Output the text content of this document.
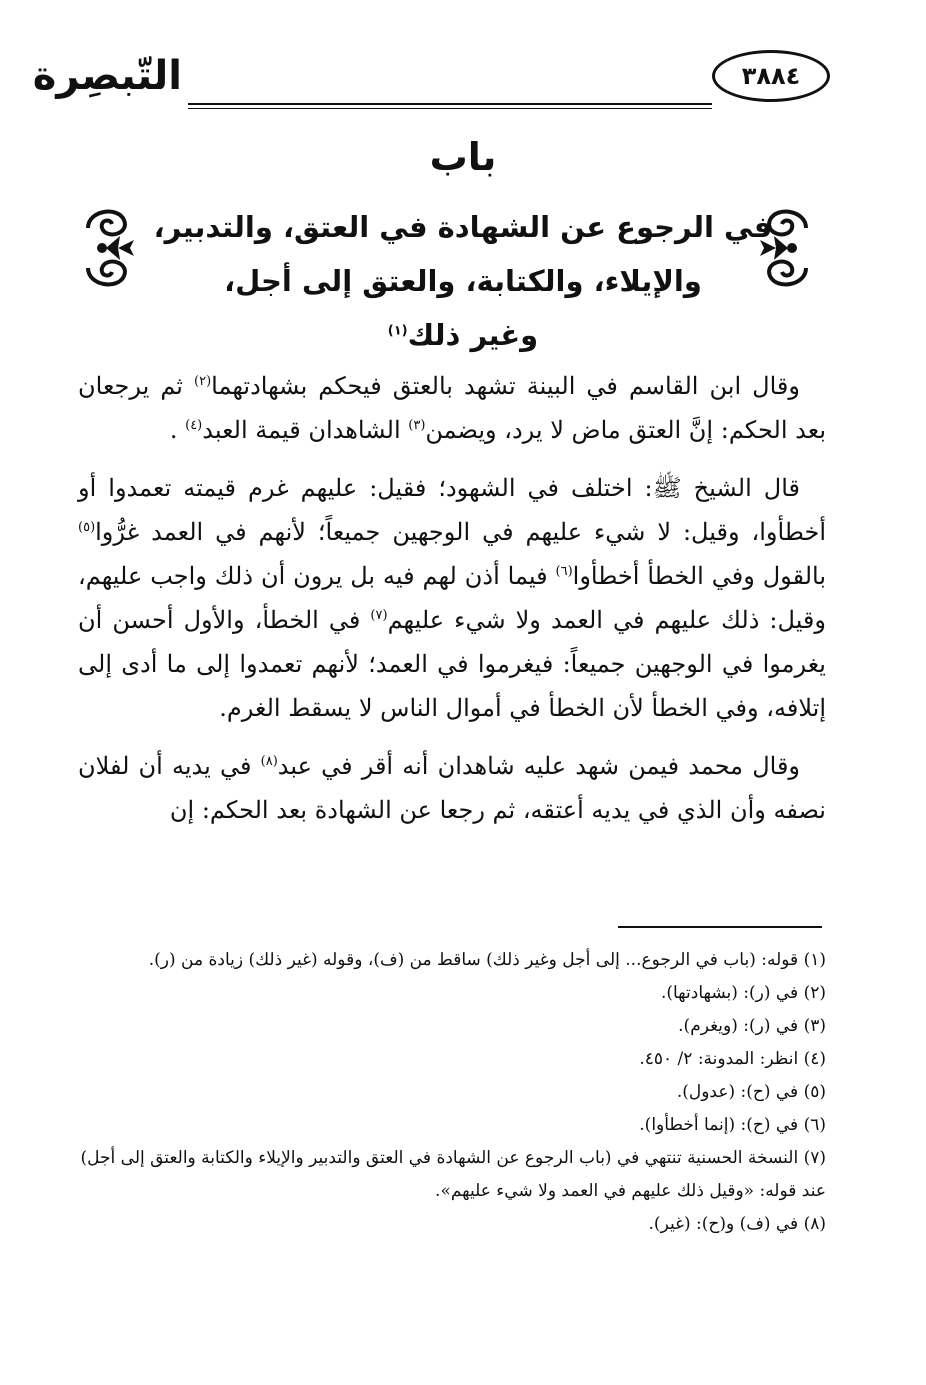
التّبصِرة	٣٨٨٤
باب
في الرجوع عن الشهادة في العتق، والتدبير،
والإيلاء، والكتابة، والعتق إلى أجل،
وغير ذلك$^{(١)}$

وقال ابن القاسم في البينة تشهد بالعتق فيحكم بشهادتهما$^{(٢)}$ ثم يرجعان بعد الحكم: إنَّ العتق ماض لا يرد، ويضمن$^{(٣)}$ الشاهدان قيمة العبد$^{(٤)}$ .

قال الشيخ ﷺ: اختلف في الشهود؛ فقيل: عليهم غرم قيمته تعمدوا أو أخطأوا، وقيل: لا شيء عليهم في الوجهين جميعاً؛ لأنهم في العمد غرُّوا$^{(٥)}$ بالقول وفي الخطأ أخطأوا$^{(٦)}$ فيما أذن لهم فيه بل يرون أن ذلك واجب عليهم، وقيل: ذلك عليهم في العمد ولا شيء عليهم$^{(٧)}$ في الخطأ، والأول أحسن أن يغرموا في الوجهين جميعاً: فيغرموا في العمد؛ لأنهم تعمدوا إلى ما أدى إلى إتلافه، وفي الخطأ لأن الخطأ في أموال الناس لا يسقط الغرم.

وقال محمد فيمن شهد عليه شاهدان أنه أقر في عبد$^{(٨)}$ في يديه أن لفلان نصفه وأن الذي في يديه أعتقه، ثم رجعا عن الشهادة بعد الحكم: إن

(١) قوله: (باب في الرجوع... إلى أجل وغير ذلك) ساقط من (ف)، وقوله (غير ذلك) زيادة من (ر).
(٢) في (ر): (بشهادتها).
(٣) في (ر): (ويغرم).
(٤) انظر: المدونة: ٢/ ٤٥٠.
(٥) في (ح): (عدول).
(٦) في (ح): (إنما أخطأوا).
(٧) النسخة الحسنية تنتهي في (باب الرجوع عن الشهادة في العتق والتدبير والإيلاء والكتابة والعتق إلى أجل) عند قوله: «وقيل ذلك عليهم في العمد ولا شيء عليهم».
(٨) في (ف) و(ح): (غير).
